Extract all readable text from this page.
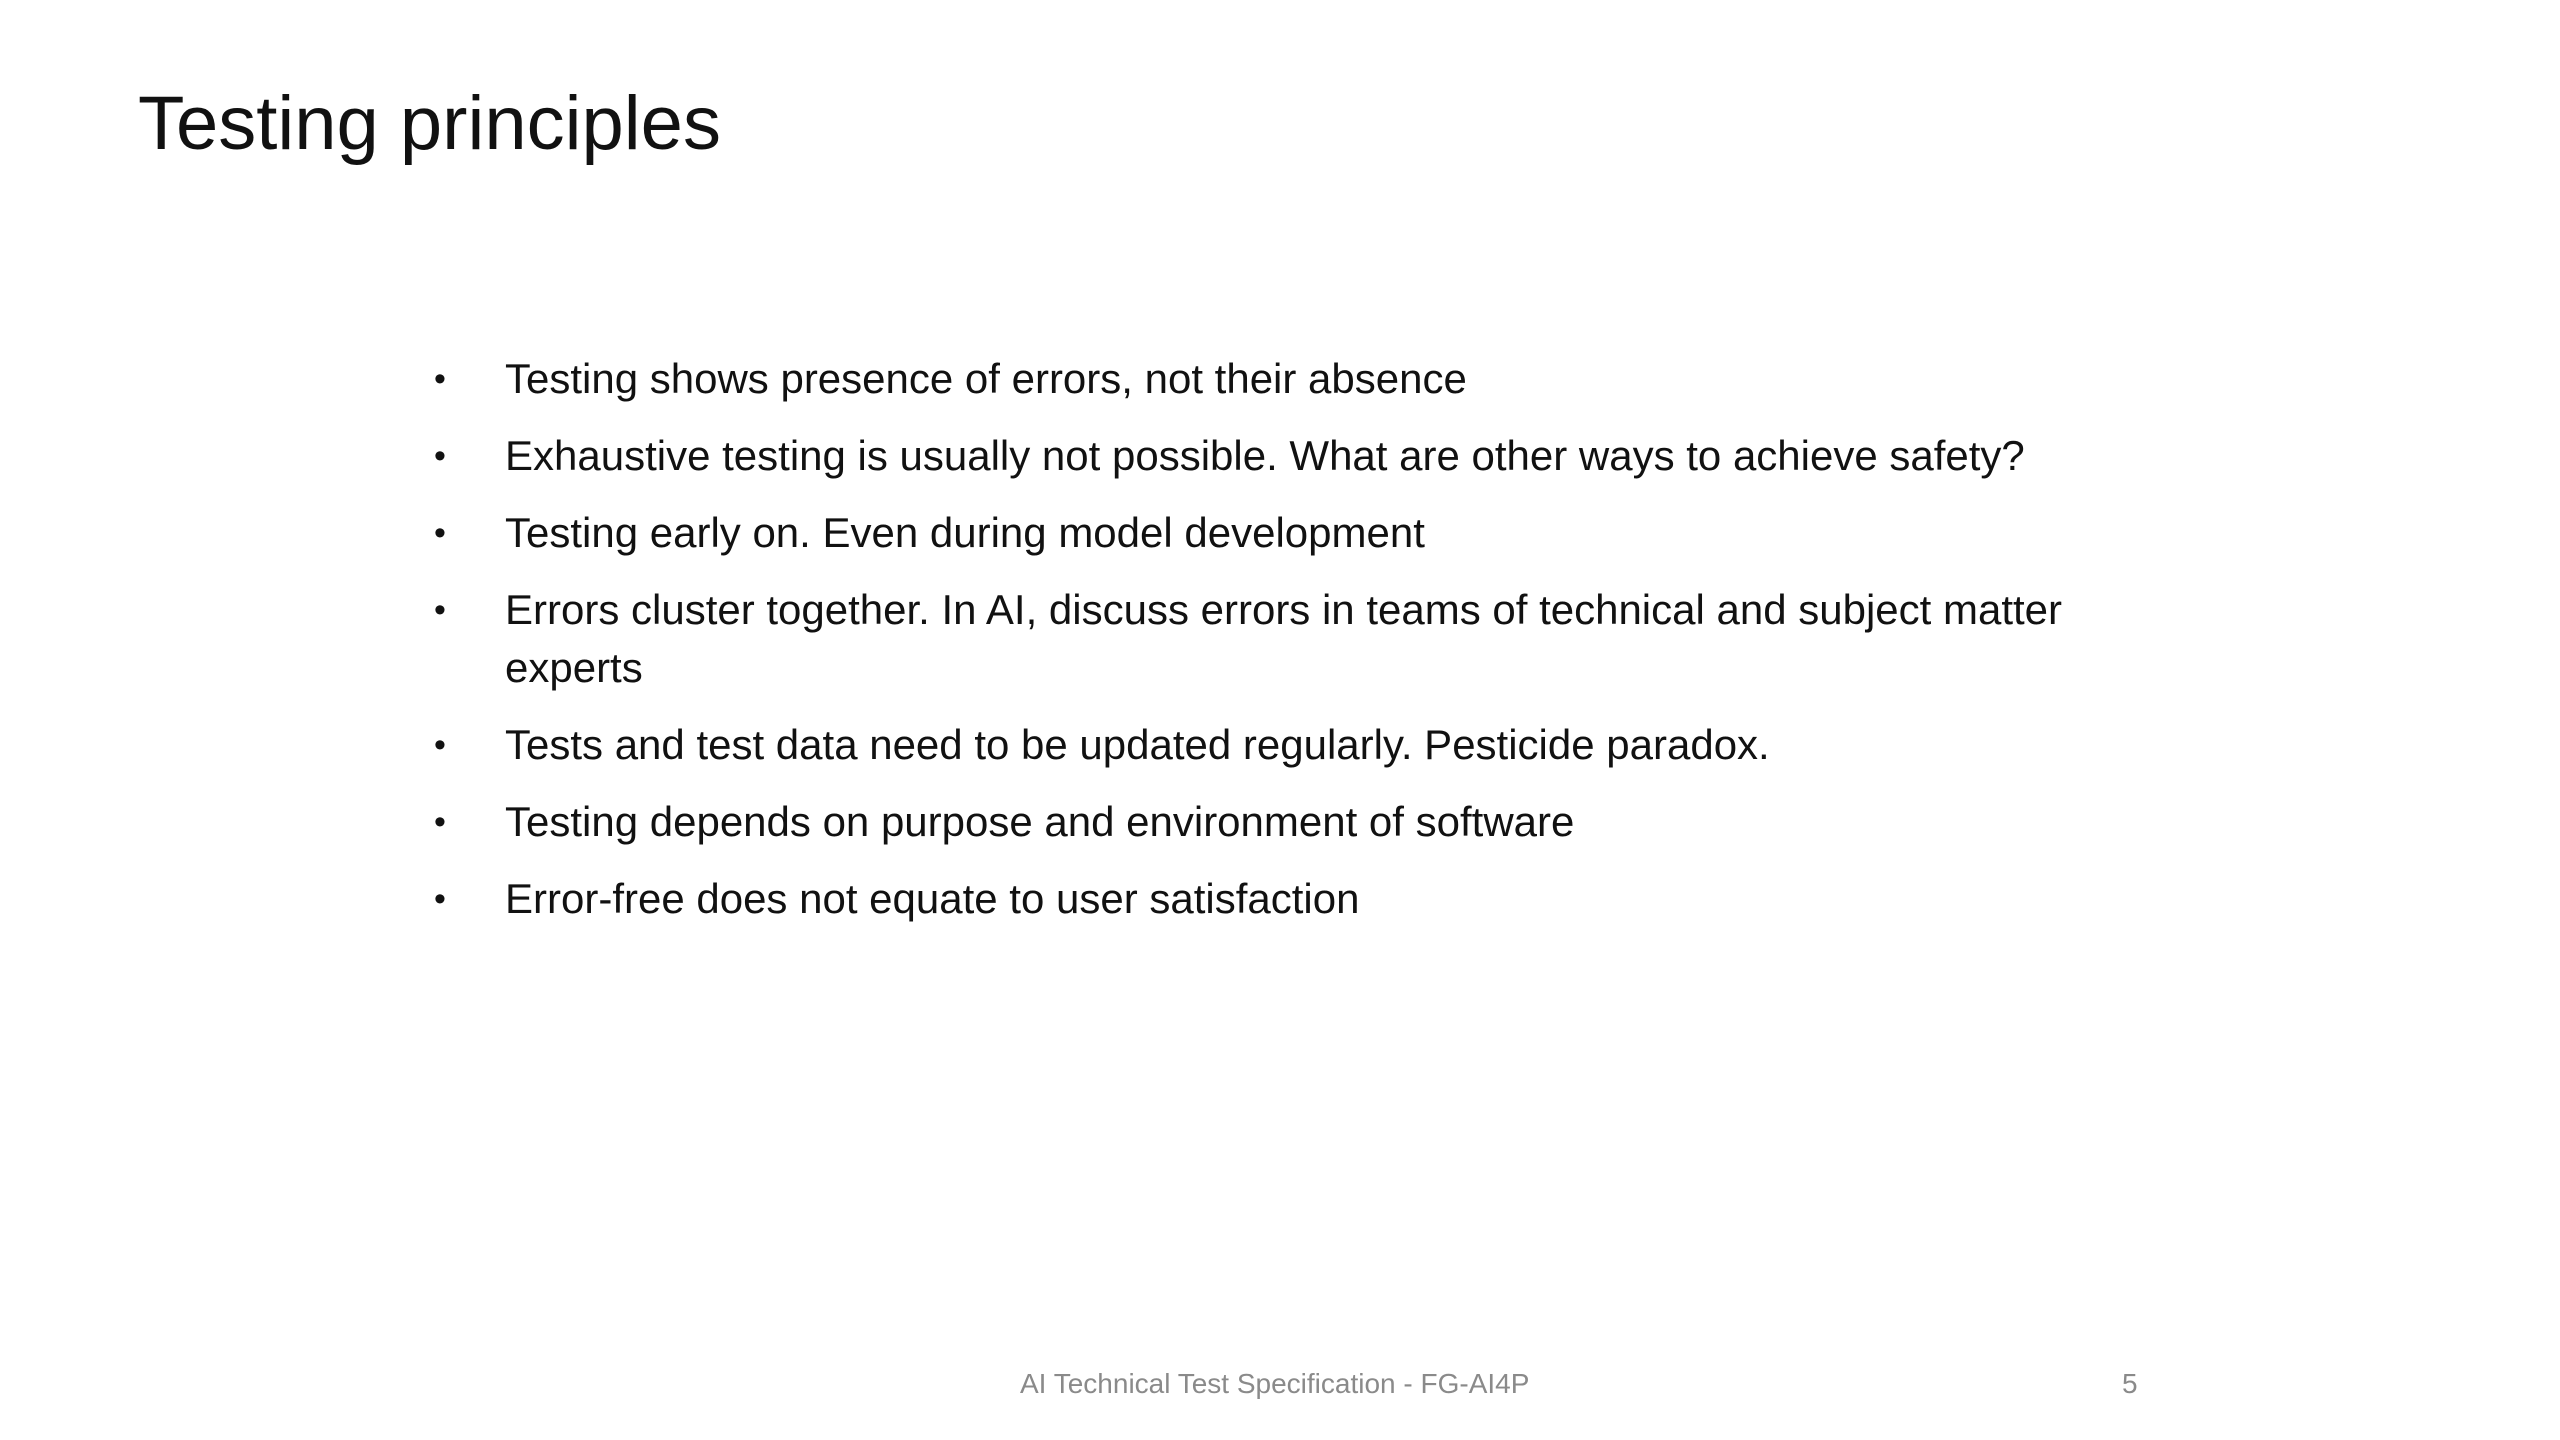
Testing principles
• Testing shows presence of errors, not their absence
• Exhaustive testing is usually not possible. What are other ways to achieve safety?
• Testing early on. Even during model development
• Errors cluster together. In AI, discuss errors in teams of technical and subject matter experts
• Tests and test data need to be updated regularly. Pesticide paradox.
• Testing depends on purpose and environment of software
• Error-free does not equate to user satisfaction
AI Technical Test Specification - FG-AI4P	5
